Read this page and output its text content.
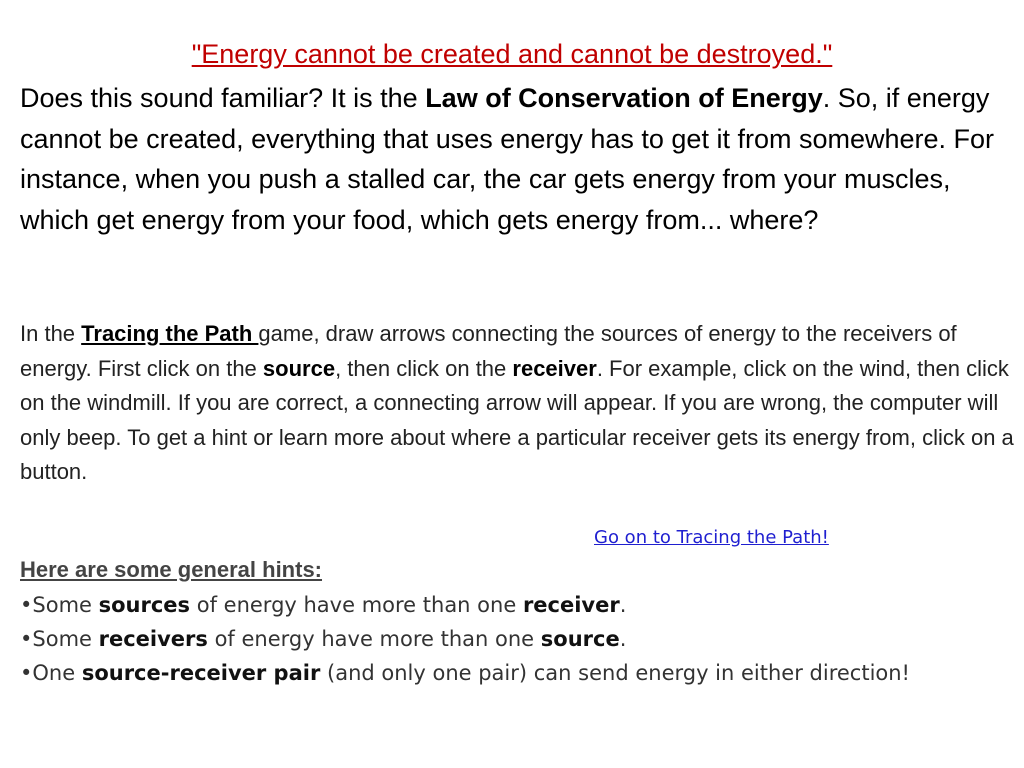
"Energy cannot be created and cannot be destroyed."

Does this sound familiar? It is the Law of Conservation of Energy. So, if energy cannot be created, everything that uses energy has to get it from somewhere. For instance, when you push a stalled car, the car gets energy from your muscles, which get energy from your food, which gets energy from... where?

In the Tracing the Path game, draw arrows connecting the sources of energy to the receivers of energy. First click on the source, then click on the receiver. For example, click on the wind, then click on the windmill. If you are correct, a connecting arrow will appear. If you are wrong, the computer will only beep. To get a hint or learn more about where a particular receiver gets its energy from, click on a button.

Go on to Tracing the Path!
Here are some general hints:
•Some sources of energy have more than one receiver.
•Some receivers of energy have more than one source.
•One source-receiver pair (and only one pair) can send energy in either direction!
